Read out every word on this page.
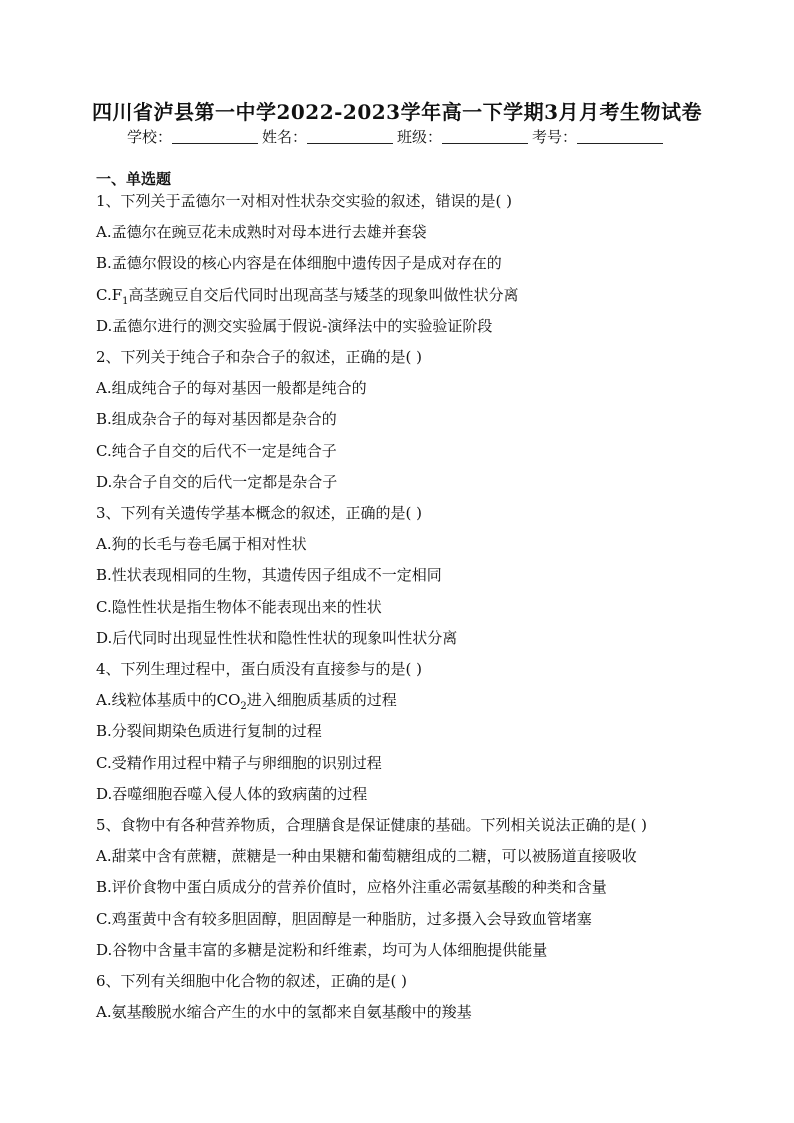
四川省泸县第一中学2022-2023学年高一下学期3月月考生物试卷
学校：	姓名：	班级：	考号：
一、单选题
1、下列关于孟德尔一对相对性状杂交实验的叙述，错误的是( )
A.孟德尔在豌豆花未成熟时对母本进行去雄并套袋
B.孟德尔假设的核心内容是在体细胞中遗传因子是成对存在的
$C.F_1$高茎豌豆自交后代同时出现高茎与矮茎的现象叫做性状分离
D.孟德尔进行的测交实验属于假说-演绎法中的实验验证阶段
2、下列关于纯合子和杂合子的叙述，正确的是( )
A.组成纯合子的每对基因一般都是纯合的
B.组成杂合子的每对基因都是杂合的
C.纯合子自交的后代不一定是纯合子
D.杂合子自交的后代一定都是杂合子
3、下列有关遗传学基本概念的叙述，正确的是( )
A.狗的长毛与卷毛属于相对性状
B.性状表现相同的生物，其遗传因子组成不一定相同
C.隐性性状是指生物体不能表现出来的性状
D.后代同时出现显性性状和隐性性状的现象叫性状分离
4、下列生理过程中，蛋白质没有直接参与的是( )
A.线粒体基质中的$CO_2$进入细胞质基质的过程
B.分裂间期染色质进行复制的过程
C.受精作用过程中精子与卵细胞的识别过程
D.吞噬细胞吞噬入侵人体的致病菌的过程
5、食物中有各种营养物质，合理膳食是保证健康的基础。下列相关说法正确的是( )
A.甜菜中含有蔗糖，蔗糖是一种由果糖和葡萄糖组成的二糖，可以被肠道直接吸收
B.评价食物中蛋白质成分的营养价值时，应格外注重必需氨基酸的种类和含量
C.鸡蛋黄中含有较多胆固醇，胆固醇是一种脂肪，过多摄入会导致血管堵塞
D.谷物中含量丰富的多糖是淀粉和纤维素，均可为人体细胞提供能量
6、下列有关细胞中化合物的叙述，正确的是( )
A.氨基酸脱水缩合产生的水中的氢都来自氨基酸中的羧基
